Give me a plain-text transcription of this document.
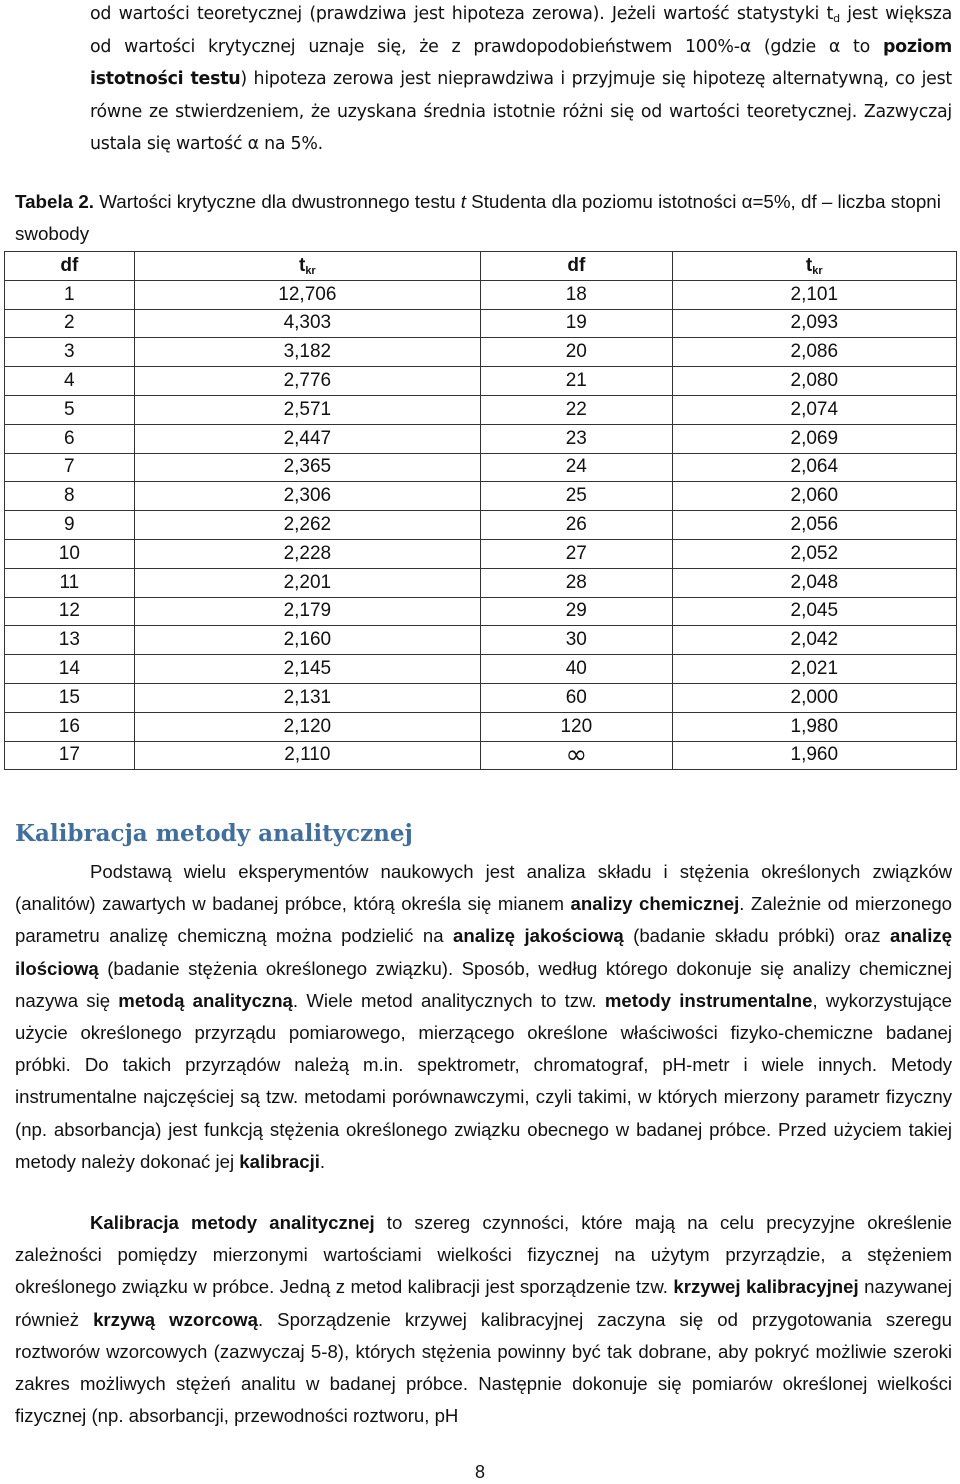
od wartości teoretycznej (prawdziwa jest hipoteza zerowa). Jeżeli wartość statystyki $t_d$ jest większa od wartości krytycznej uznaje się, że z prawdopodobieństwem 100%-α (gdzie α to poziom istotności testu) hipoteza zerowa jest nieprawdziwa i przyjmuje się hipotezę alternatywną, co jest równe ze stwierdzeniem, że uzyskana średnia istotnie różni się od wartości teoretycznej. Zazwyczaj ustala się wartość α na 5%.

Tabela 2. Wartości krytyczne dla dwustronnego testu t Studenta dla poziomu istotności α=5%, df – liczba stopni swobody

df	$t_{kr}$	df	$t_{kr}$
1	12,706	18	2,101
2	4,303	19	2,093
3	3,182	20	2,086
4	2,776	21	2,080
5	2,571	22	2,074
6	2,447	23	2,069
7	2,365	24	2,064
8	2,306	25	2,060
9	2,262	26	2,056
10	2,228	27	2,052
11	2,201	28	2,048
12	2,179	29	2,045
13	2,160	30	2,042
14	2,145	40	2,021
15	2,131	60	2,000
16	2,120	120	1,980
17	2,110	∞	1,960
Kalibracja metody analitycznej

Podstawą wielu eksperymentów naukowych jest analiza składu i stężenia określonych związków (analitów) zawartych w badanej próbce, którą określa się mianem analizy chemicznej. Zależnie od mierzonego parametru analizę chemiczną można podzielić na analizę jakościową (badanie składu próbki) oraz analizę ilościową (badanie stężenia określonego związku). Sposób, według którego dokonuje się analizy chemicznej nazywa się metodą analityczną. Wiele metod analitycznych to tzw. metody instrumentalne, wykorzystujące użycie określonego przyrządu pomiarowego, mierzącego określone właściwości fizyko-chemiczne badanej próbki. Do takich przyrządów należą m.in. spektrometr, chromatograf, pH-metr i wiele innych. Metody instrumentalne najczęściej są tzw. metodami porównawczymi, czyli takimi, w których mierzony parametr fizyczny (np. absorbancja) jest funkcją stężenia określonego związku obecnego w badanej próbce. Przed użyciem takiej metody należy dokonać jej kalibracji.

Kalibracja metody analitycznej to szereg czynności, które mają na celu precyzyjne określenie zależności pomiędzy mierzonymi wartościami wielkości fizycznej na użytym przyrządzie, a stężeniem określonego związku w próbce. Jedną z metod kalibracji jest sporządzenie tzw. krzywej kalibracyjnej nazywanej również krzywą wzorcową. Sporządzenie krzywej kalibracyjnej zaczyna się od przygotowania szeregu roztworów wzorcowych (zazwyczaj 5-8), których stężenia powinny być tak dobrane, aby pokryć możliwie szeroki zakres możliwych stężeń analitu w badanej próbce. Następnie dokonuje się pomiarów określonej wielkości fizycznej (np. absorbancji, przewodności roztworu, pH

8
